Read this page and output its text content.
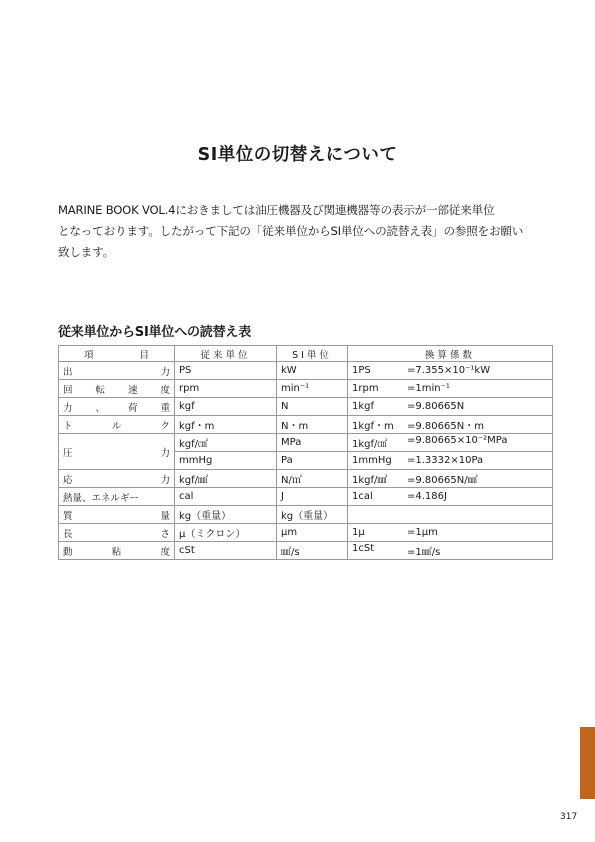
SI単位の切替えについて

MARINE BOOK VOL.4におきましては油圧機器及び関連機器等の表示が一部従来単位

となっております。したがって下記の「従来単位からSI単位への読替え表」の参照をお願い

致します。

従来単位からSI単位への読替え表
項 目	従来単位	SI単位	換算係数

出 力	PS	kW	1PS =7.355×10⁻¹kW

回 転 速 度	rpm	min⁻¹	1rpm =1min⁻¹

力 、 荷 重	kgf	N	1kgf =9.80665N

ト ル ク	kgf・m	N・m	1kgf・m =9.80665N・m

圧 力	kgf/㎠	MPa	1kgf/㎠ =9.80665×10⁻²MPa

	mmHg	Pa	1mmHg =1.3332×10Pa

応 力	kgf/㎟	N/㎡	1kgf/㎟ =9.80665N/㎟

熱量、エネルギー	cal	J	1cal =4.186J

質 量	kg（重量）	kg（重量）	

長 さ	μ（ミクロン）	μm	1μ =1μm

動 粘 度	cSt	㎟/s	1cSt =1㎟/s
317
